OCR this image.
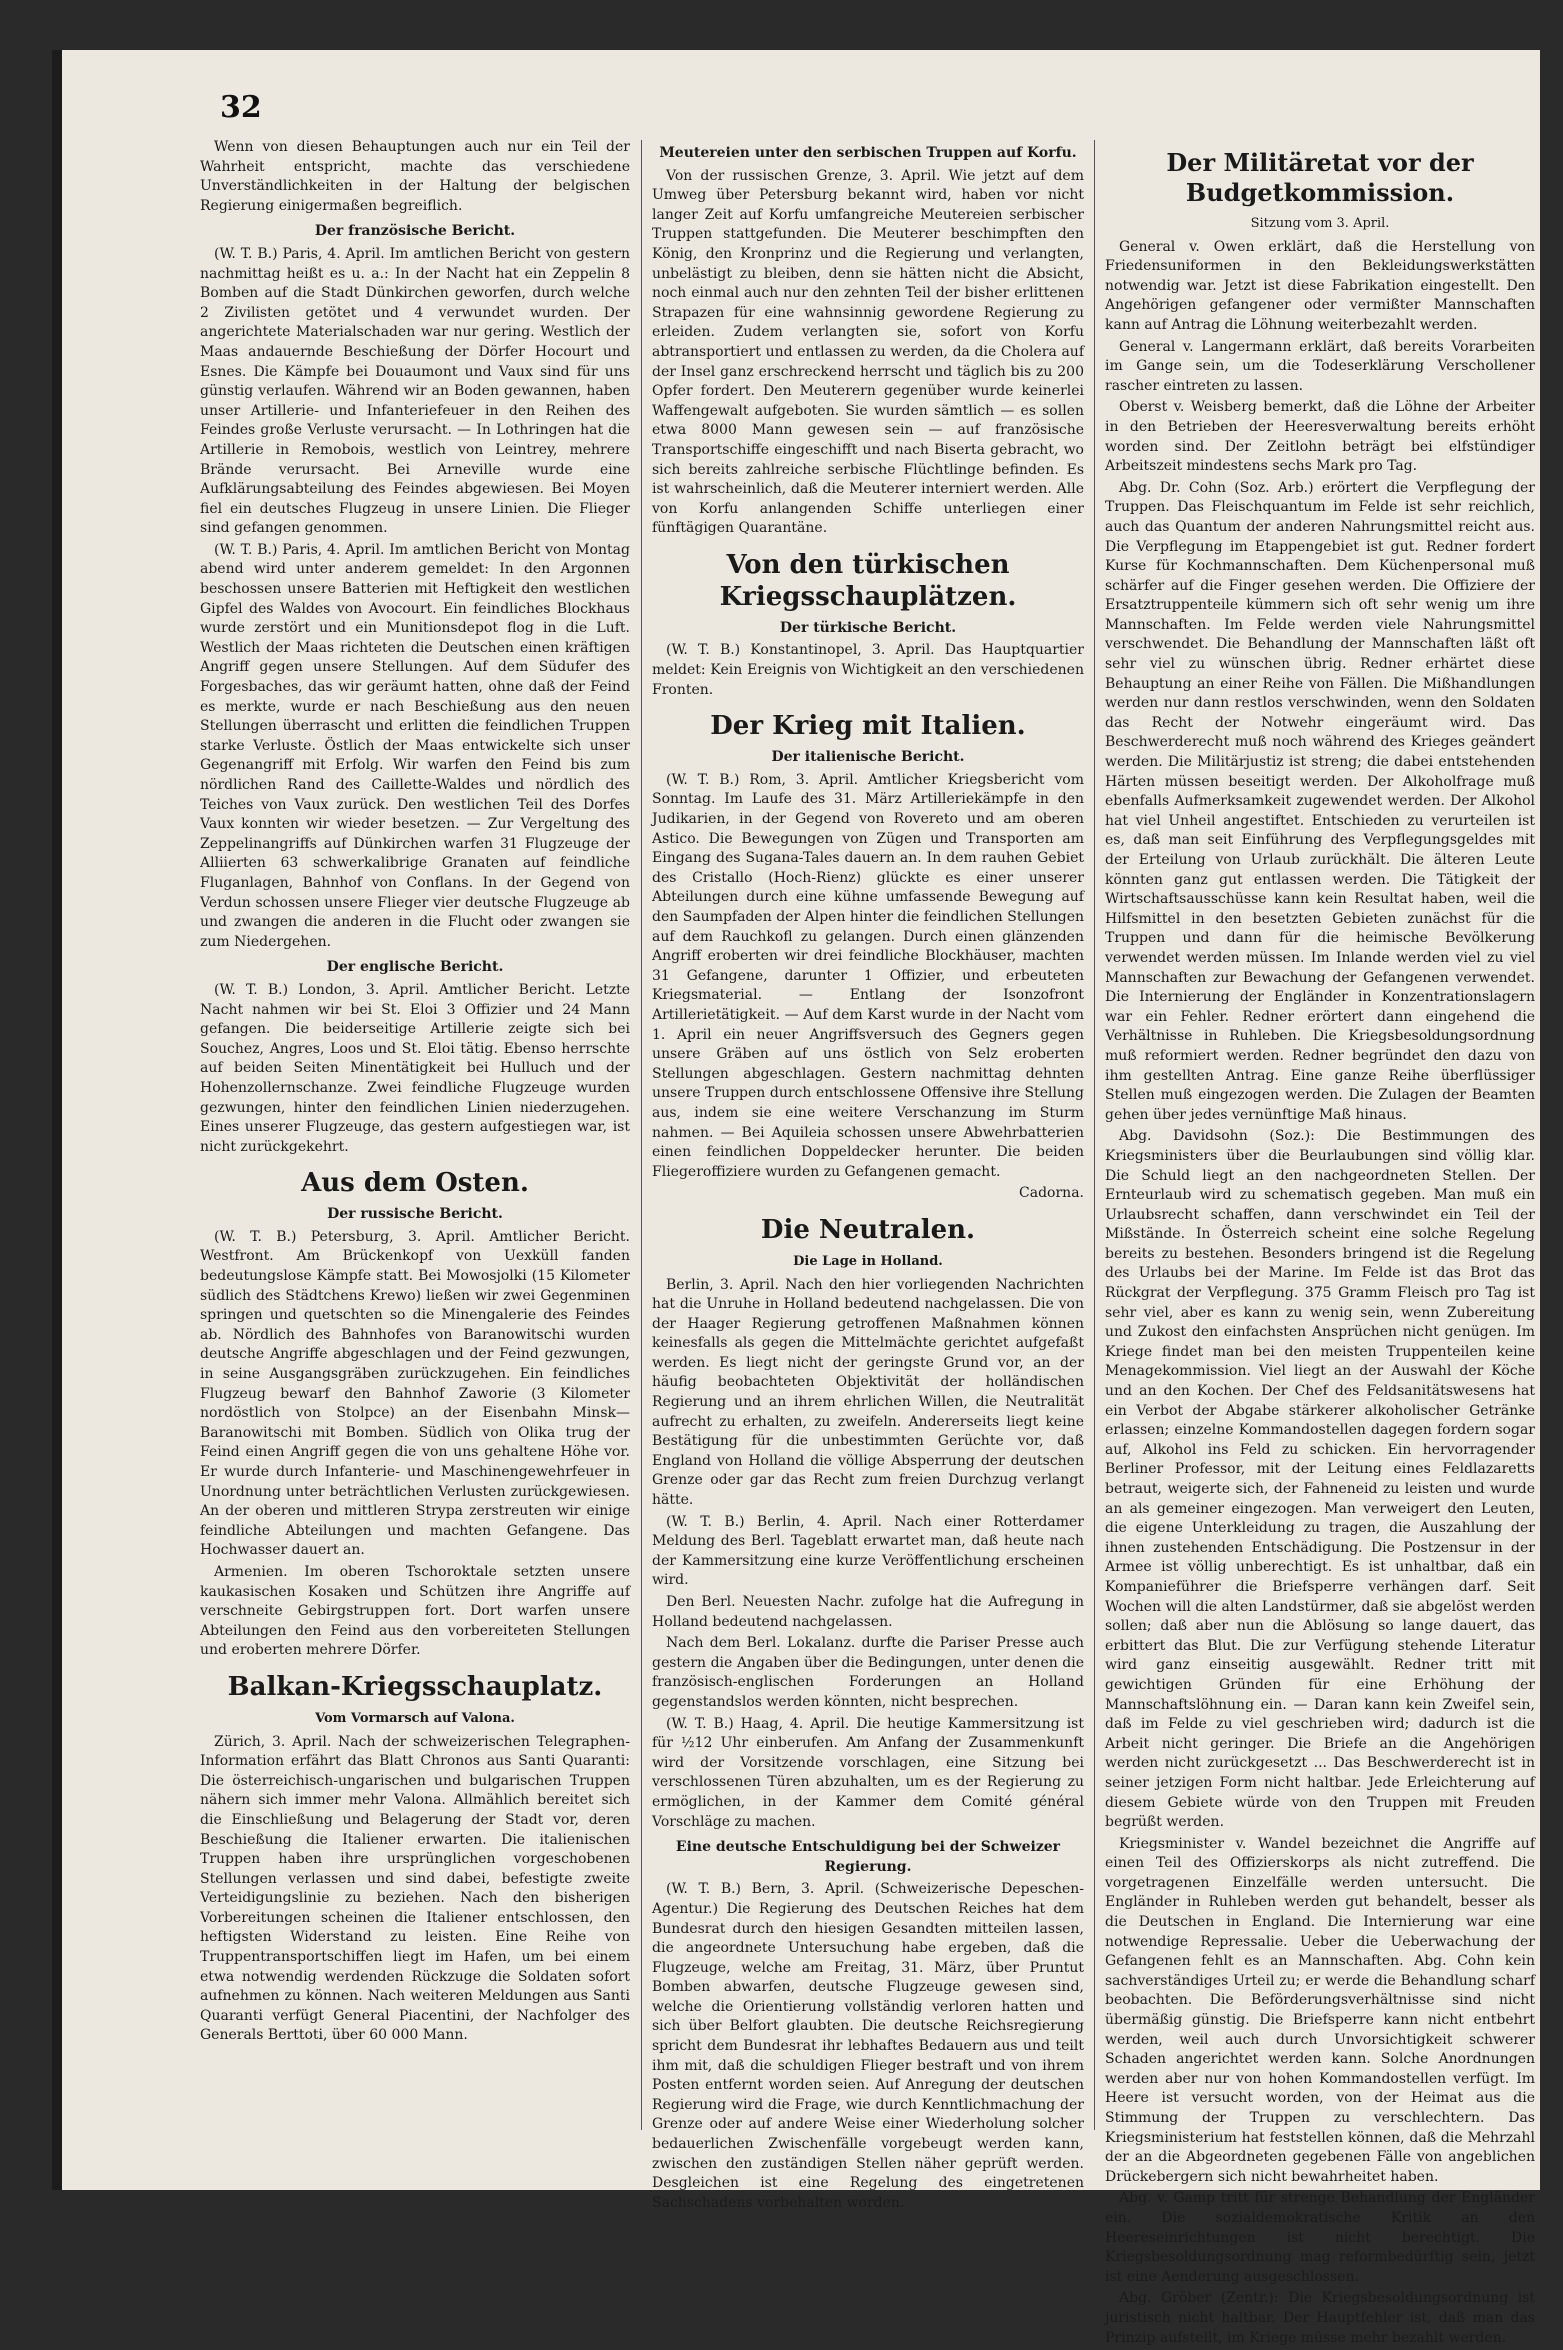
32

Wenn von diesen Behauptungen auch nur ein Teil der Wahrheit entspricht, machte das verschiedene Unverständlichkeiten in der Haltung der belgischen Regierung einigermaßen begreiflich.

Der französische Bericht.

(W. T. B.) Paris, 4. April. Im amtlichen Bericht von gestern nachmittag heißt es u. a.: In der Nacht hat ein Zeppelin 8 Bomben auf die Stadt Dünkirchen geworfen, durch welche 2 Zivilisten getötet und 4 verwundet wurden. Der angerichtete Materialschaden war nur gering. Westlich der Maas andauernde Beschießung der Dörfer Hocourt und Esnes. Die Kämpfe bei Douaumont und Vaux sind für uns günstig verlaufen. Während wir an Boden gewannen, haben unser Artillerie- und Infanteriefeuer in den Reihen des Feindes große Verluste verursacht. — In Lothringen hat die Artillerie in Remobois, westlich von Leintrey, mehrere Brände verursacht. Bei Arneville wurde eine Aufklärungsabteilung des Feindes abgewiesen. Bei Moyen fiel ein deutsches Flugzeug in unsere Linien. Die Flieger sind gefangen genommen.

(W. T. B.) Paris, 4. April. Im amtlichen Bericht von Montag abend wird unter anderem gemeldet: In den Argonnen beschossen unsere Batterien mit Heftigkeit den westlichen Gipfel des Waldes von Avocourt. Ein feindliches Blockhaus wurde zerstört und ein Munitionsdepot flog in die Luft. Westlich der Maas richteten die Deutschen einen kräftigen Angriff gegen unsere Stellungen. Auf dem Südufer des Forgesbaches, das wir geräumt hatten, ohne daß der Feind es merkte, wurde er nach Beschießung aus den neuen Stellungen überrascht und erlitten die feindlichen Truppen starke Verluste. Östlich der Maas entwickelte sich unser Gegenangriff mit Erfolg. Wir warfen den Feind bis zum nördlichen Rand des Caillette-Waldes und nördlich des Teiches von Vaux zurück. Den westlichen Teil des Dorfes Vaux konnten wir wieder besetzen. — Zur Vergeltung des Zeppelinangriffs auf Dünkirchen warfen 31 Flugzeuge der Alliierten 63 schwerkalibrige Granaten auf feindliche Fluganlagen, Bahnhof von Conflans. In der Gegend von Verdun schossen unsere Flieger vier deutsche Flugzeuge ab und zwangen die anderen in die Flucht oder zwangen sie zum Niedergehen.

Der englische Bericht.

(W. T. B.) London, 3. April. Amtlicher Bericht. Letzte Nacht nahmen wir bei St. Eloi 3 Offizier und 24 Mann gefangen. Die beiderseitige Artillerie zeigte sich bei Souchez, Angres, Loos und St. Eloi tätig. Ebenso herrschte auf beiden Seiten Minentätigkeit bei Hulluch und der Hohenzollernschanze. Zwei feindliche Flugzeuge wurden gezwungen, hinter den feindlichen Linien niederzugehen. Eines unserer Flugzeuge, das gestern aufgestiegen war, ist nicht zurückgekehrt.

Aus dem Osten.
Der russische Bericht.

(W. T. B.) Petersburg, 3. April. Amtlicher Bericht. Westfront. Am Brückenkopf von Uexküll fanden bedeutungslose Kämpfe statt. Bei Mowosjolki (15 Kilometer südlich des Städtchens Krewo) ließen wir zwei Gegenminen springen und quetschten so die Minengalerie des Feindes ab. Nördlich des Bahnhofes von Baranowitschi wurden deutsche Angriffe abgeschlagen und der Feind gezwungen, in seine Ausgangsgräben zurückzugehen. Ein feindliches Flugzeug bewarf den Bahnhof Zaworie (3 Kilometer nordöstlich von Stolpce) an der Eisenbahn Minsk—Baranowitschi mit Bomben. Südlich von Olika trug der Feind einen Angriff gegen die von uns gehaltene Höhe vor. Er wurde durch Infanterie- und Maschinengewehrfeuer in Unordnung unter beträchtlichen Verlusten zurückgewiesen. An der oberen und mittleren Strypa zerstreuten wir einige feindliche Abteilungen und machten Gefangene. Das Hochwasser dauert an.

Armenien. Im oberen Tschoroktale setzten unsere kaukasischen Kosaken und Schützen ihre Angriffe auf verschneite Gebirgstruppen fort. Dort warfen unsere Abteilungen den Feind aus den vorbereiteten Stellungen und eroberten mehrere Dörfer.

Balkan-Kriegsschauplatz.
Vom Vormarsch auf Valona.

Zürich, 3. April. Nach der schweizerischen Telegraphen-Information erfährt das Blatt Chronos aus Santi Quaranti: Die österreichisch-ungarischen und bulgarischen Truppen nähern sich immer mehr Valona. Allmählich bereitet sich die Einschließung und Belagerung der Stadt vor, deren Beschießung die Italiener erwarten. Die italienischen Truppen haben ihre ursprünglichen vorgeschobenen Stellungen verlassen und sind dabei, befestigte zweite Verteidigungslinie zu beziehen. Nach den bisherigen Vorbereitungen scheinen die Italiener entschlossen, den heftigsten Widerstand zu leisten. Eine Reihe von Truppentransportschiffen liegt im Hafen, um bei einem etwa notwendig werdenden Rückzuge die Soldaten sofort aufnehmen zu können. Nach weiteren Meldungen aus Santi Quaranti verfügt General Piacentini, der Nachfolger des Generals Berttoti, über 60 000 Mann.

Meutereien unter den serbischen Truppen auf Korfu.

Von der russischen Grenze, 3. April. Wie jetzt auf dem Umweg über Petersburg bekannt wird, haben vor nicht langer Zeit auf Korfu umfangreiche Meutereien serbischer Truppen stattgefunden. Die Meuterer beschimpften den König, den Kronprinz und die Regierung und verlangten, unbelästigt zu bleiben, denn sie hätten nicht die Absicht, noch einmal auch nur den zehnten Teil der bisher erlittenen Strapazen für eine wahnsinnig gewordene Regierung zu erleiden. Zudem verlangten sie, sofort von Korfu abtransportiert und entlassen zu werden, da die Cholera auf der Insel ganz erschreckend herrscht und täglich bis zu 200 Opfer fordert. Den Meuterern gegenüber wurde keinerlei Waffengewalt aufgeboten. Sie wurden sämtlich — es sollen etwa 8000 Mann gewesen sein — auf französische Transportschiffe eingeschifft und nach Biserta gebracht, wo sich bereits zahlreiche serbische Flüchtlinge befinden. Es ist wahrscheinlich, daß die Meuterer interniert werden. Alle von Korfu anlangenden Schiffe unterliegen einer fünftägigen Quarantäne.

Von den türkischen Kriegsschauplätzen.
Der türkische Bericht.

(W. T. B.) Konstantinopel, 3. April. Das Hauptquartier meldet: Kein Ereignis von Wichtigkeit an den verschiedenen Fronten.

Der Krieg mit Italien.
Der italienische Bericht.

(W. T. B.) Rom, 3. April. Amtlicher Kriegsbericht vom Sonntag. Im Laufe des 31. März Artilleriekämpfe in den Judikarien, in der Gegend von Rovereto und am oberen Astico. Die Bewegungen von Zügen und Transporten am Eingang des Sugana-Tales dauern an. In dem rauhen Gebiet des Cristallo (Hoch-Rienz) glückte es einer unserer Abteilungen durch eine kühne umfassende Bewegung auf den Saumpfaden der Alpen hinter die feindlichen Stellungen auf dem Rauchkofl zu gelangen. Durch einen glänzenden Angriff eroberten wir drei feindliche Blockhäuser, machten 31 Gefangene, darunter 1 Offizier, und erbeuteten Kriegsmaterial. — Entlang der Isonzofront Artillerietätigkeit. — Auf dem Karst wurde in der Nacht vom 1. April ein neuer Angriffsversuch des Gegners gegen unsere Gräben auf uns östlich von Selz eroberten Stellungen abgeschlagen. Gestern nachmittag dehnten unsere Truppen durch entschlossene Offensive ihre Stellung aus, indem sie eine weitere Verschanzung im Sturm nahmen. — Bei Aquileia schossen unsere Abwehrbatterien einen feindlichen Doppeldecker herunter. Die beiden Fliegeroffiziere wurden zu Gefangenen gemacht.

Cadorna.
Die Neutralen.
Die Lage in Holland.

Berlin, 3. April. Nach den hier vorliegenden Nachrichten hat die Unruhe in Holland bedeutend nachgelassen. Die von der Haager Regierung getroffenen Maßnahmen können keinesfalls als gegen die Mittelmächte gerichtet aufgefaßt werden. Es liegt nicht der geringste Grund vor, an der häufig beobachteten Objektivität der holländischen Regierung und an ihrem ehrlichen Willen, die Neutralität aufrecht zu erhalten, zu zweifeln. Andererseits liegt keine Bestätigung für die unbestimmten Gerüchte vor, daß England von Holland die völlige Absperrung der deutschen Grenze oder gar das Recht zum freien Durchzug verlangt hätte.

(W. T. B.) Berlin, 4. April. Nach einer Rotterdamer Meldung des Berl. Tageblatt erwartet man, daß heute nach der Kammersitzung eine kurze Veröffentlichung erscheinen wird.

Den Berl. Neuesten Nachr. zufolge hat die Aufregung in Holland bedeutend nachgelassen.

Nach dem Berl. Lokalanz. durfte die Pariser Presse auch gestern die Angaben über die Bedingungen, unter denen die französisch-englischen Forderungen an Holland gegenstandslos werden könnten, nicht besprechen.

(W. T. B.) Haag, 4. April. Die heutige Kammersitzung ist für ½12 Uhr einberufen. Am Anfang der Zusammenkunft wird der Vorsitzende vorschlagen, eine Sitzung bei verschlossenen Türen abzuhalten, um es der Regierung zu ermöglichen, in der Kammer dem Comité général Vorschläge zu machen.

Eine deutsche Entschuldigung bei der Schweizer Regierung.

(W. T. B.) Bern, 3. April. (Schweizerische Depeschen-Agentur.) Die Regierung des Deutschen Reiches hat dem Bundesrat durch den hiesigen Gesandten mitteilen lassen, die angeordnete Untersuchung habe ergeben, daß die Flugzeuge, welche am Freitag, 31. März, über Pruntut Bomben abwarfen, deutsche Flugzeuge gewesen sind, welche die Orientierung vollständig verloren hatten und sich über Belfort glaubten. Die deutsche Reichsregierung spricht dem Bundesrat ihr lebhaftes Bedauern aus und teilt ihm mit, daß die schuldigen Flieger bestraft und von ihrem Posten entfernt worden seien. Auf Anregung der deutschen Regierung wird die Frage, wie durch Kenntlichmachung der Grenze oder auf andere Weise einer Wiederholung solcher bedauerlichen Zwischenfälle vorgebeugt werden kann, zwischen den zuständigen Stellen näher geprüft werden. Desgleichen ist eine Regelung des eingetretenen Sachschadens vorbehalten worden.

Der Militäretat vor der Budgetkommission.
Sitzung vom 3. April.

General v. Owen erklärt, daß die Herstellung von Friedensuniformen in den Bekleidungswerkstätten notwendig war. Jetzt ist diese Fabrikation eingestellt. Den Angehörigen gefangener oder vermißter Mannschaften kann auf Antrag die Löhnung weiterbezahlt werden.

General v. Langermann erklärt, daß bereits Vorarbeiten im Gange sein, um die Todeserklärung Verschollener rascher eintreten zu lassen.

Oberst v. Weisberg bemerkt, daß die Löhne der Arbeiter in den Betrieben der Heeresverwaltung bereits erhöht worden sind. Der Zeitlohn beträgt bei elfstündiger Arbeitszeit mindestens sechs Mark pro Tag.

Abg. Dr. Cohn (Soz. Arb.) erörtert die Verpflegung der Truppen. Das Fleischquantum im Felde ist sehr reichlich, auch das Quantum der anderen Nahrungsmittel reicht aus. Die Verpflegung im Etappengebiet ist gut. Redner fordert Kurse für Kochmannschaften. Dem Küchenpersonal muß schärfer auf die Finger gesehen werden. Die Offiziere der Ersatztruppenteile kümmern sich oft sehr wenig um ihre Mannschaften. Im Felde werden viele Nahrungsmittel verschwendet. Die Behandlung der Mannschaften läßt oft sehr viel zu wünschen übrig. Redner erhärtet diese Behauptung an einer Reihe von Fällen. Die Mißhandlungen werden nur dann restlos verschwinden, wenn den Soldaten das Recht der Notwehr eingeräumt wird. Das Beschwerderecht muß noch während des Krieges geändert werden. Die Militärjustiz ist streng; die dabei entstehenden Härten müssen beseitigt werden. Der Alkoholfrage muß ebenfalls Aufmerksamkeit zugewendet werden. Der Alkohol hat viel Unheil angestiftet. Entschieden zu verurteilen ist es, daß man seit Einführung des Verpflegungsgeldes mit der Erteilung von Urlaub zurückhält. Die älteren Leute könnten ganz gut entlassen werden. Die Tätigkeit der Wirtschaftsausschüsse kann kein Resultat haben, weil die Hilfsmittel in den besetzten Gebieten zunächst für die Truppen und dann für die heimische Bevölkerung verwendet werden müssen. Im Inlande werden viel zu viel Mannschaften zur Bewachung der Gefangenen verwendet. Die Internierung der Engländer in Konzentrationslagern war ein Fehler. Redner erörtert dann eingehend die Verhältnisse in Ruhleben. Die Kriegsbesoldungsordnung muß reformiert werden. Redner begründet den dazu von ihm gestellten Antrag. Eine ganze Reihe überflüssiger Stellen muß eingezogen werden. Die Zulagen der Beamten gehen über jedes vernünftige Maß hinaus.

Abg. Davidsohn (Soz.): Die Bestimmungen des Kriegsministers über die Beurlaubungen sind völlig klar. Die Schuld liegt an den nachgeordneten Stellen. Der Ernteurlaub wird zu schematisch gegeben. Man muß ein Urlaubsrecht schaffen, dann verschwindet ein Teil der Mißstände. In Österreich scheint eine solche Regelung bereits zu bestehen. Besonders bringend ist die Regelung des Urlaubs bei der Marine. Im Felde ist das Brot das Rückgrat der Verpflegung. 375 Gramm Fleisch pro Tag ist sehr viel, aber es kann zu wenig sein, wenn Zubereitung und Zukost den einfachsten Ansprüchen nicht genügen. Im Kriege findet man bei den meisten Truppenteilen keine Menagekommission. Viel liegt an der Auswahl der Köche und an den Kochen. Der Chef des Feldsanitätswesens hat ein Verbot der Abgabe stärkerer alkoholischer Getränke erlassen; einzelne Kommandostellen dagegen fordern sogar auf, Alkohol ins Feld zu schicken. Ein hervorragender Berliner Professor, mit der Leitung eines Feldlazaretts betraut, weigerte sich, der Fahneneid zu leisten und wurde an als gemeiner eingezogen. Man verweigert den Leuten, die eigene Unterkleidung zu tragen, die Auszahlung der ihnen zustehenden Entschädigung. Die Postzensur in der Armee ist völlig unberechtigt. Es ist unhaltbar, daß ein Kompanieführer die Briefsperre verhängen darf. Seit Wochen will die alten Landstürmer, daß sie abgelöst werden sollen; daß aber nun die Ablösung so lange dauert, das erbittert das Blut. Die zur Verfügung stehende Literatur wird ganz einseitig ausgewählt. Redner tritt mit gewichtigen Gründen für eine Erhöhung der Mannschaftslöhnung ein. — Daran kann kein Zweifel sein, daß im Felde zu viel geschrieben wird; dadurch ist die Arbeit nicht geringer. Die Briefe an die Angehörigen werden nicht zurückgesetzt ... Das Beschwerderecht ist in seiner jetzigen Form nicht haltbar. Jede Erleichterung auf diesem Gebiete würde von den Truppen mit Freuden begrüßt werden.

Kriegsminister v. Wandel bezeichnet die Angriffe auf einen Teil des Offizierskorps als nicht zutreffend. Die vorgetragenen Einzelfälle werden untersucht. Die Engländer in Ruhleben werden gut behandelt, besser als die Deutschen in England. Die Internierung war eine notwendige Repressalie. Ueber die Ueberwachung der Gefangenen fehlt es an Mannschaften. Abg. Cohn kein sachverständiges Urteil zu; er werde die Behandlung scharf beobachten. Die Beförderungsverhältnisse sind nicht übermäßig günstig. Die Briefsperre kann nicht entbehrt werden, weil auch durch Unvorsichtigkeit schwerer Schaden angerichtet werden kann. Solche Anordnungen werden aber nur von hohen Kommandostellen verfügt. Im Heere ist versucht worden, von der Heimat aus die Stimmung der Truppen zu verschlechtern. Das Kriegsministerium hat feststellen können, daß die Mehrzahl der an die Abgeordneten gegebenen Fälle von angeblichen Drückebergern sich nicht bewahrheitet haben.

Abg. v. Gamp tritt für strenge Behandlung der Engländer ein. Die sozialdemokratische Kritik an den Heereseinrichtungen ist nicht berechtigt. Die Kriegsbesoldungsordnung mag reformbedürftig sein, jetzt ist eine Aenderung ausgeschlossen.

Abg. Gröber (Zentr.): Die Kriegsbesoldungsordnung ist juristisch nicht haltbar. Der Hauptfehler ist, daß man das Prinzip aufstellt, im Kriege müsse mehr bezahlt werden.
